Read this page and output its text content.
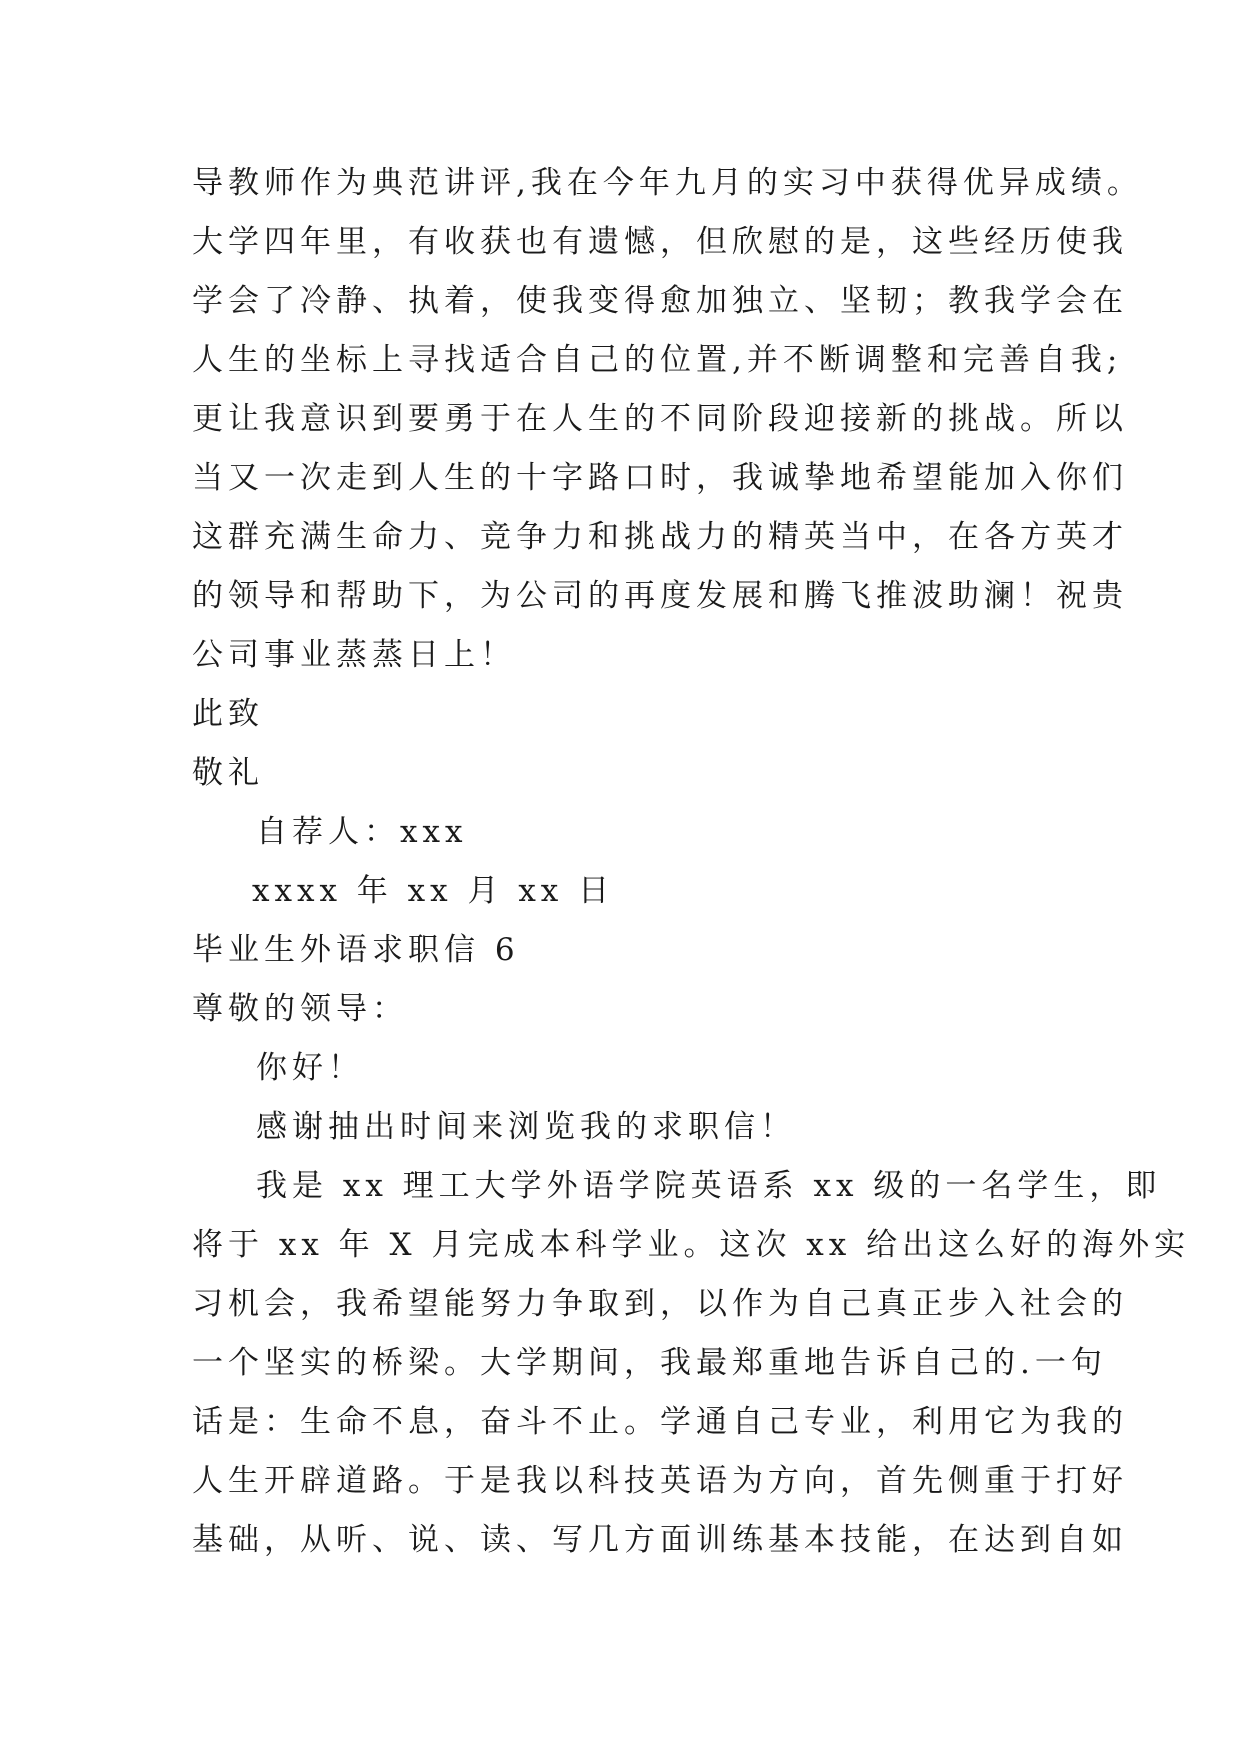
导教师作为典范讲评,我在今年九月的实习中获得优异成绩。
大学四年里，有收获也有遗憾，但欣慰的是，这些经历使我
学会了冷静、执着，使我变得愈加独立、坚韧；教我学会在
人生的坐标上寻找适合自己的位置,并不断调整和完善自我;
更让我意识到要勇于在人生的不同阶段迎接新的挑战。所以
当又一次走到人生的十字路口时，我诚挚地希望能加入你们
这群充满生命力、竞争力和挑战力的精英当中，在各方英才
的领导和帮助下，为公司的再度发展和腾飞推波助澜！祝贵
公司事业蒸蒸日上！
此致
敬礼
自荐人：xxx
xxxx 年 xx 月 xx 日
毕业生外语求职信 6
尊敬的领导：
你好！
感谢抽出时间来浏览我的求职信！
我是 xx 理工大学外语学院英语系 xx 级的一名学生，即
将于 xx 年 X 月完成本科学业。这次 xx 给出这么好的海外实
习机会，我希望能努力争取到，以作为自己真正步入社会的
一个坚实的桥梁。大学期间，我最郑重地告诉自己的.一句
话是：生命不息，奋斗不止。学通自己专业，利用它为我的
人生开辟道路。于是我以科技英语为方向，首先侧重于打好
基础，从听、说、读、写几方面训练基本技能，在达到自如
